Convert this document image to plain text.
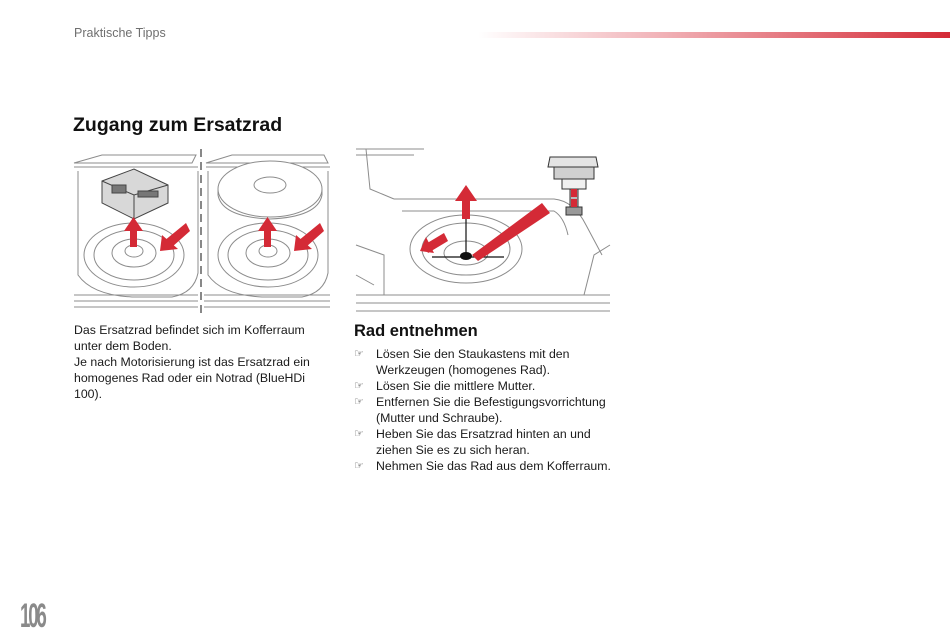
Praktische Tipps
Zugang zum Ersatzrad

Das Ersatzrad befindet sich im Kofferraum unter dem Boden.

Je nach Motorisierung ist das Ersatzrad ein homogenes Rad oder ein Notrad (BlueHDi 100).

Rad entnehmen
☞ Lösen Sie den Staukastens mit den Werkzeugen (homogenes Rad).
☞ Lösen Sie die mittlere Mutter.
☞ Entfernen Sie die Befestigungsvorrichtung (Mutter und Schraube).
☞ Heben Sie das Ersatzrad hinten an und ziehen Sie es zu sich heran.
☞ Nehmen Sie das Rad aus dem Kofferraum.
106
